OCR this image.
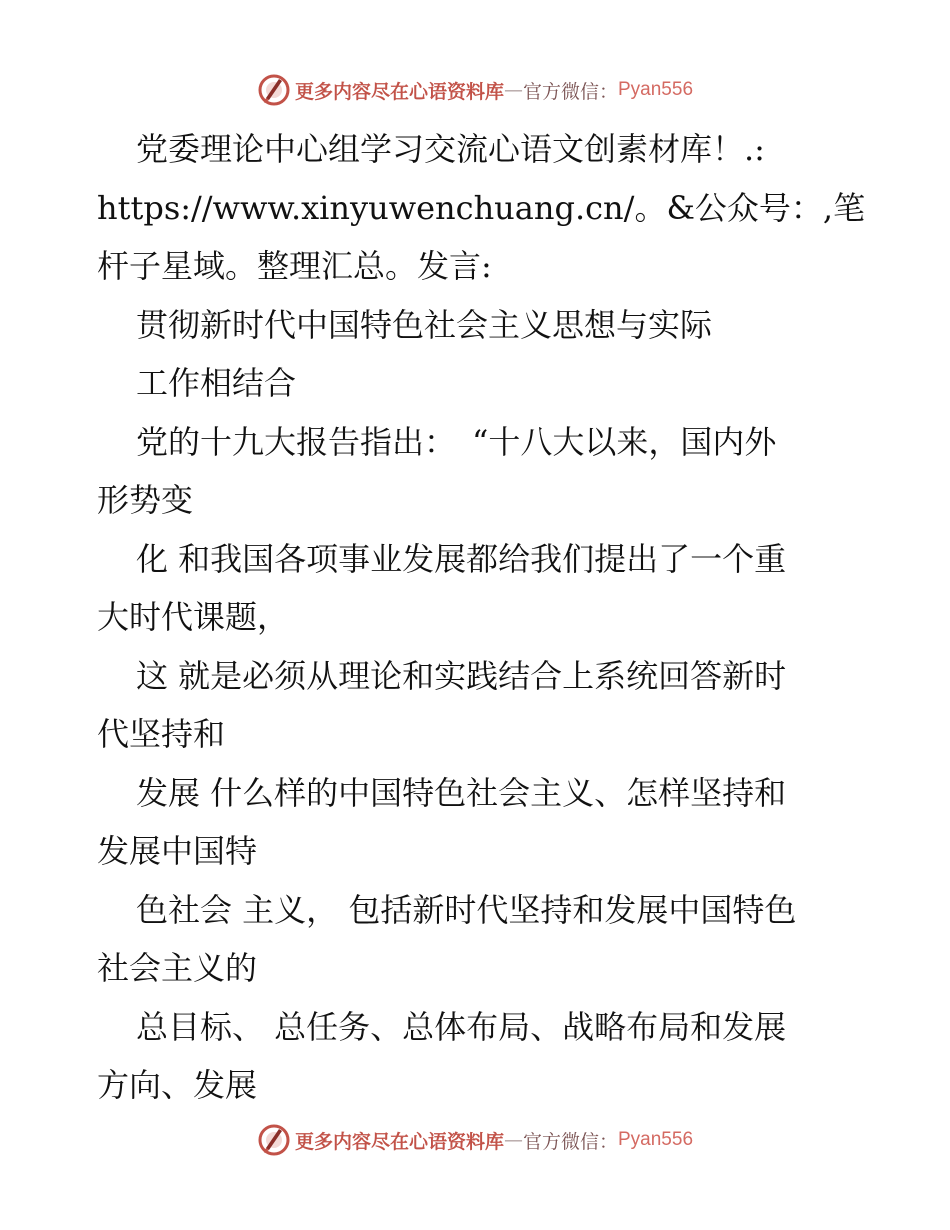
更多内容尽在心语资料库 — 官方微信： Pyan556
党委理论中心组学习交流心语文创素材库！.:
https://www.xinyuwenchuang.cn/。&公众号：,笔
杆子星域。整理汇总。发言:
贯彻新时代中国特色社会主义思想与实际
工作相结合
党的十九大报告指出：　“十八大以来，国内外
形势变
化 和我国各项事业发展都给我们提出了一个重
大时代课题，
这 就是必须从理论和实践结合上系统回答新时
代坚持和
发展 什么样的中国特色社会主义、怎样坚持和
发展中国特
色社会 主义， 包括新时代坚持和发展中国特色
社会主义的
总目标、 总任务、总体布局、战略布局和发展
方向、发展
更多内容尽在心语资料库 — 官方微信： Pyan556
